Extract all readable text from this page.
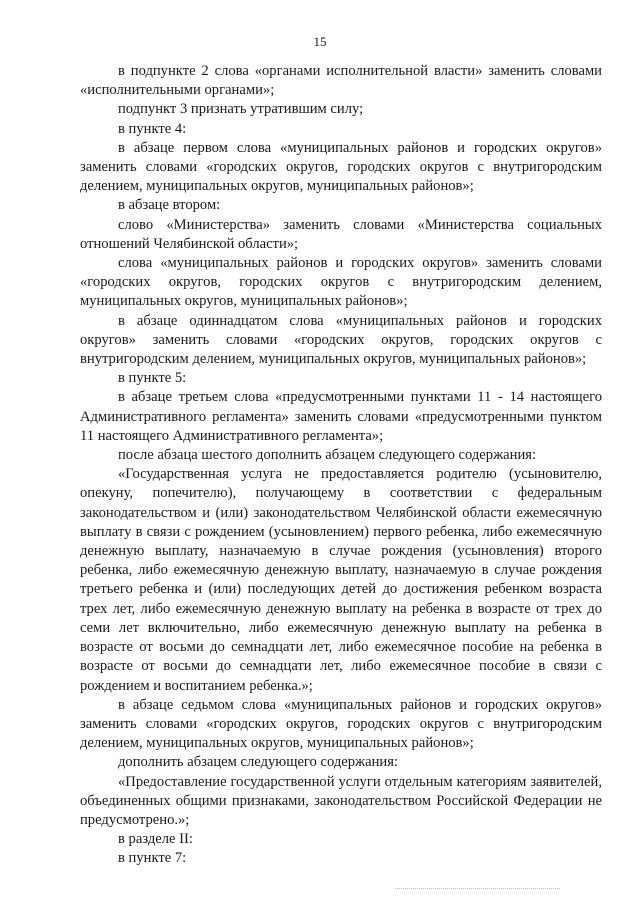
15

в подпункте 2 слова «органами исполнительной власти» заменить словами «исполнительными органами»;

подпункт 3 признать утратившим силу;

в пункте 4:

в абзаце первом слова «муниципальных районов и городских округов» заменить словами «городских округов, городских округов с внутригородским делением, муниципальных округов, муниципальных районов»;

в абзаце втором:

слово «Министерства» заменить словами «Министерства социальных отношений Челябинской области»;

слова «муниципальных районов и городских округов» заменить словами «городских округов, городских округов с внутригородским делением, муниципальных округов, муниципальных районов»;

в абзаце одиннадцатом слова «муниципальных районов и городских округов» заменить словами «городских округов, городских округов с внутригородским делением, муниципальных округов, муниципальных районов»;

в пункте 5:

в абзаце третьем слова «предусмотренными пунктами 11 - 14 настоящего Административного регламента» заменить словами «предусмотренными пунктом 11 настоящего Административного регламента»;

после абзаца шестого дополнить абзацем следующего содержания:

«Государственная услуга не предоставляется родителю (усыновителю, опекуну, попечителю), получающему в соответствии с федеральным законодательством и (или) законодательством Челябинской области ежемесячную выплату в связи с рождением (усыновлением) первого ребенка, либо ежемесячную денежную выплату, назначаемую в случае рождения (усыновления) второго ребенка, либо ежемесячную денежную выплату, назначаемую в случае рождения третьего ребенка и (или) последующих детей до достижения ребенком возраста трех лет, либо ежемесячную денежную выплату на ребенка в возрасте от трех до семи лет включительно, либо ежемесячную денежную выплату на ребенка в возрасте от восьми до семнадцати лет, либо ежемесячное пособие на ребенка в возрасте от восьми до семнадцати лет, либо ежемесячное пособие в связи с рождением и воспитанием ребенка.»;

в абзаце седьмом слова «муниципальных районов и городских округов» заменить словами «городских округов, городских округов с внутригородским делением, муниципальных округов, муниципальных районов»;

дополнить абзацем следующего содержания:

«Предоставление государственной услуги отдельным категориям заявителей, объединенных общими признаками, законодательством Российской Федерации не предусмотрено.»;

в разделе II:

в пункте 7:
